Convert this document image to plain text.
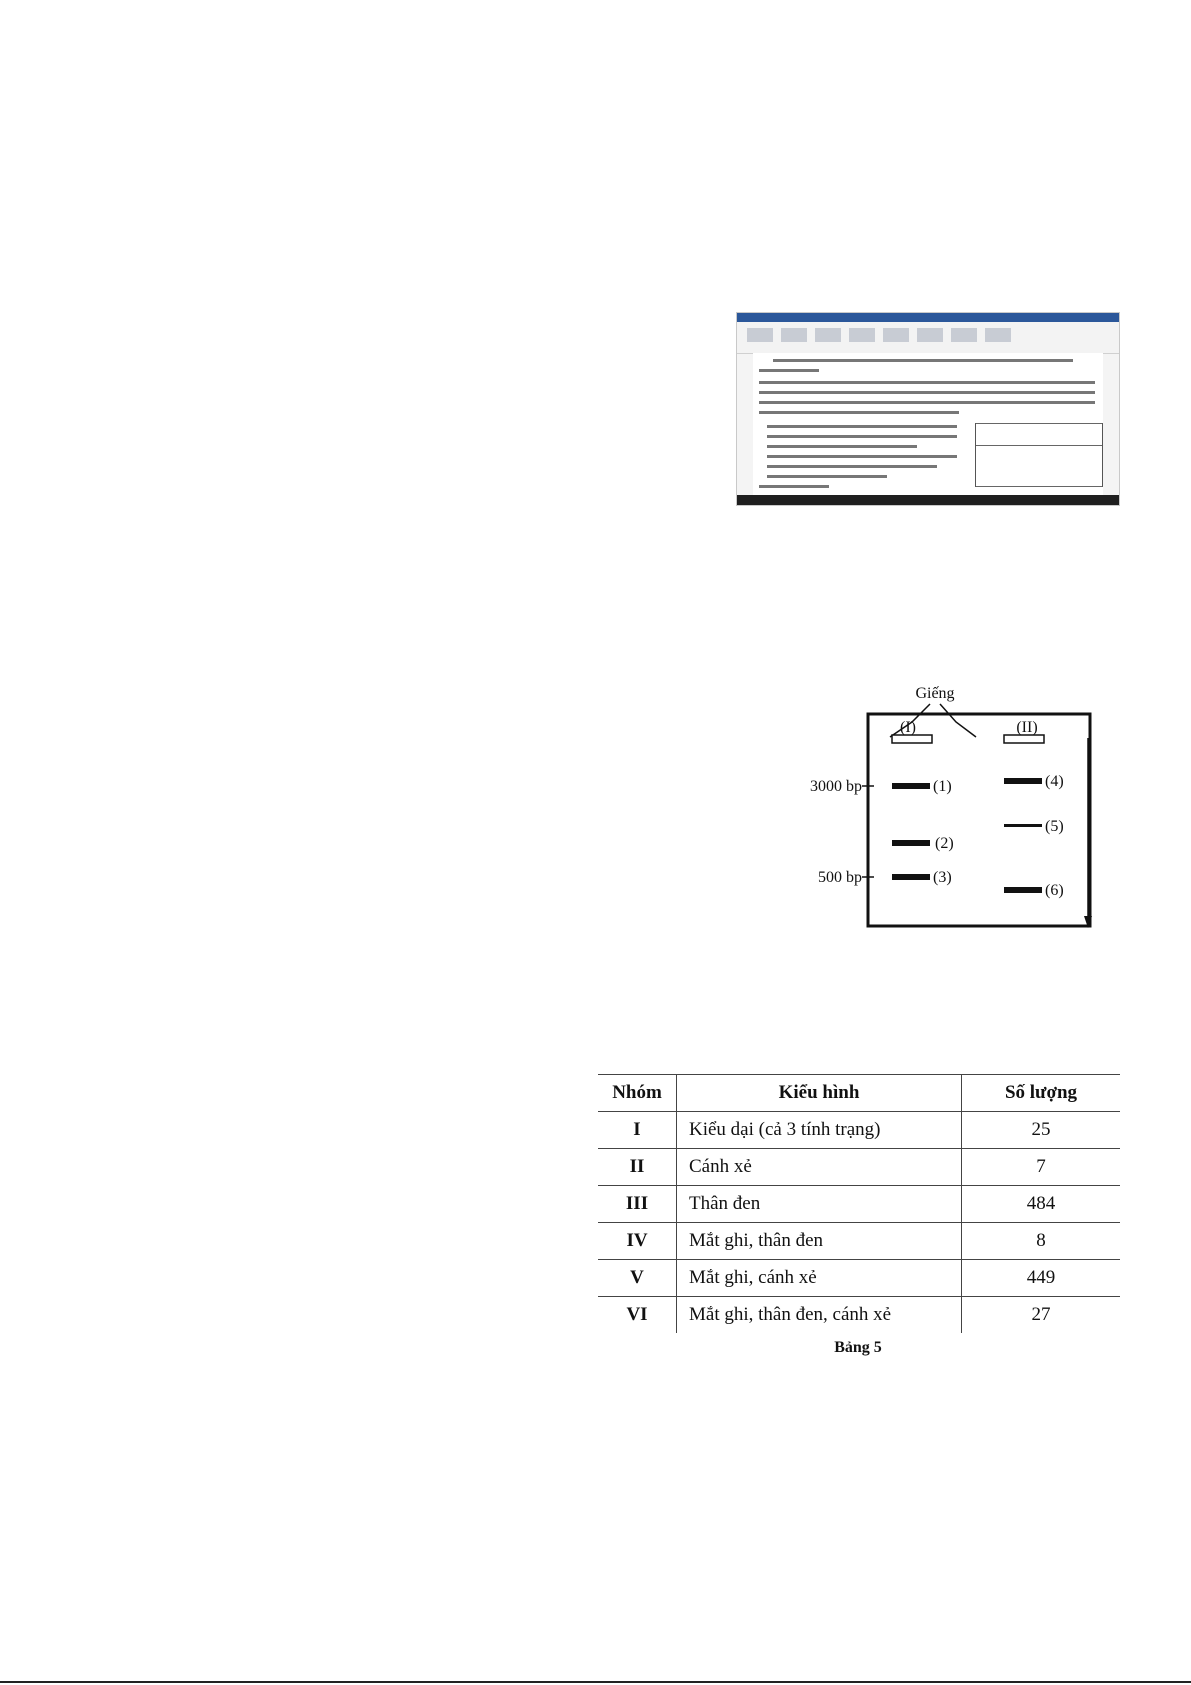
Giếng
(I)	(II)
3000 bp
500 bp
(1)
(2)
(3)
(4)
(5)
(6)
Nhóm	Kiểu hình	Số lượng
I	Kiểu dại (cả 3 tính trạng)	25
II	Cánh xẻ	7
III	Thân đen	484
IV	Mắt ghi, thân đen	8
V	Mắt ghi, cánh xẻ	449
VI	Mắt ghi, thân đen, cánh xẻ	27
Bảng 5
